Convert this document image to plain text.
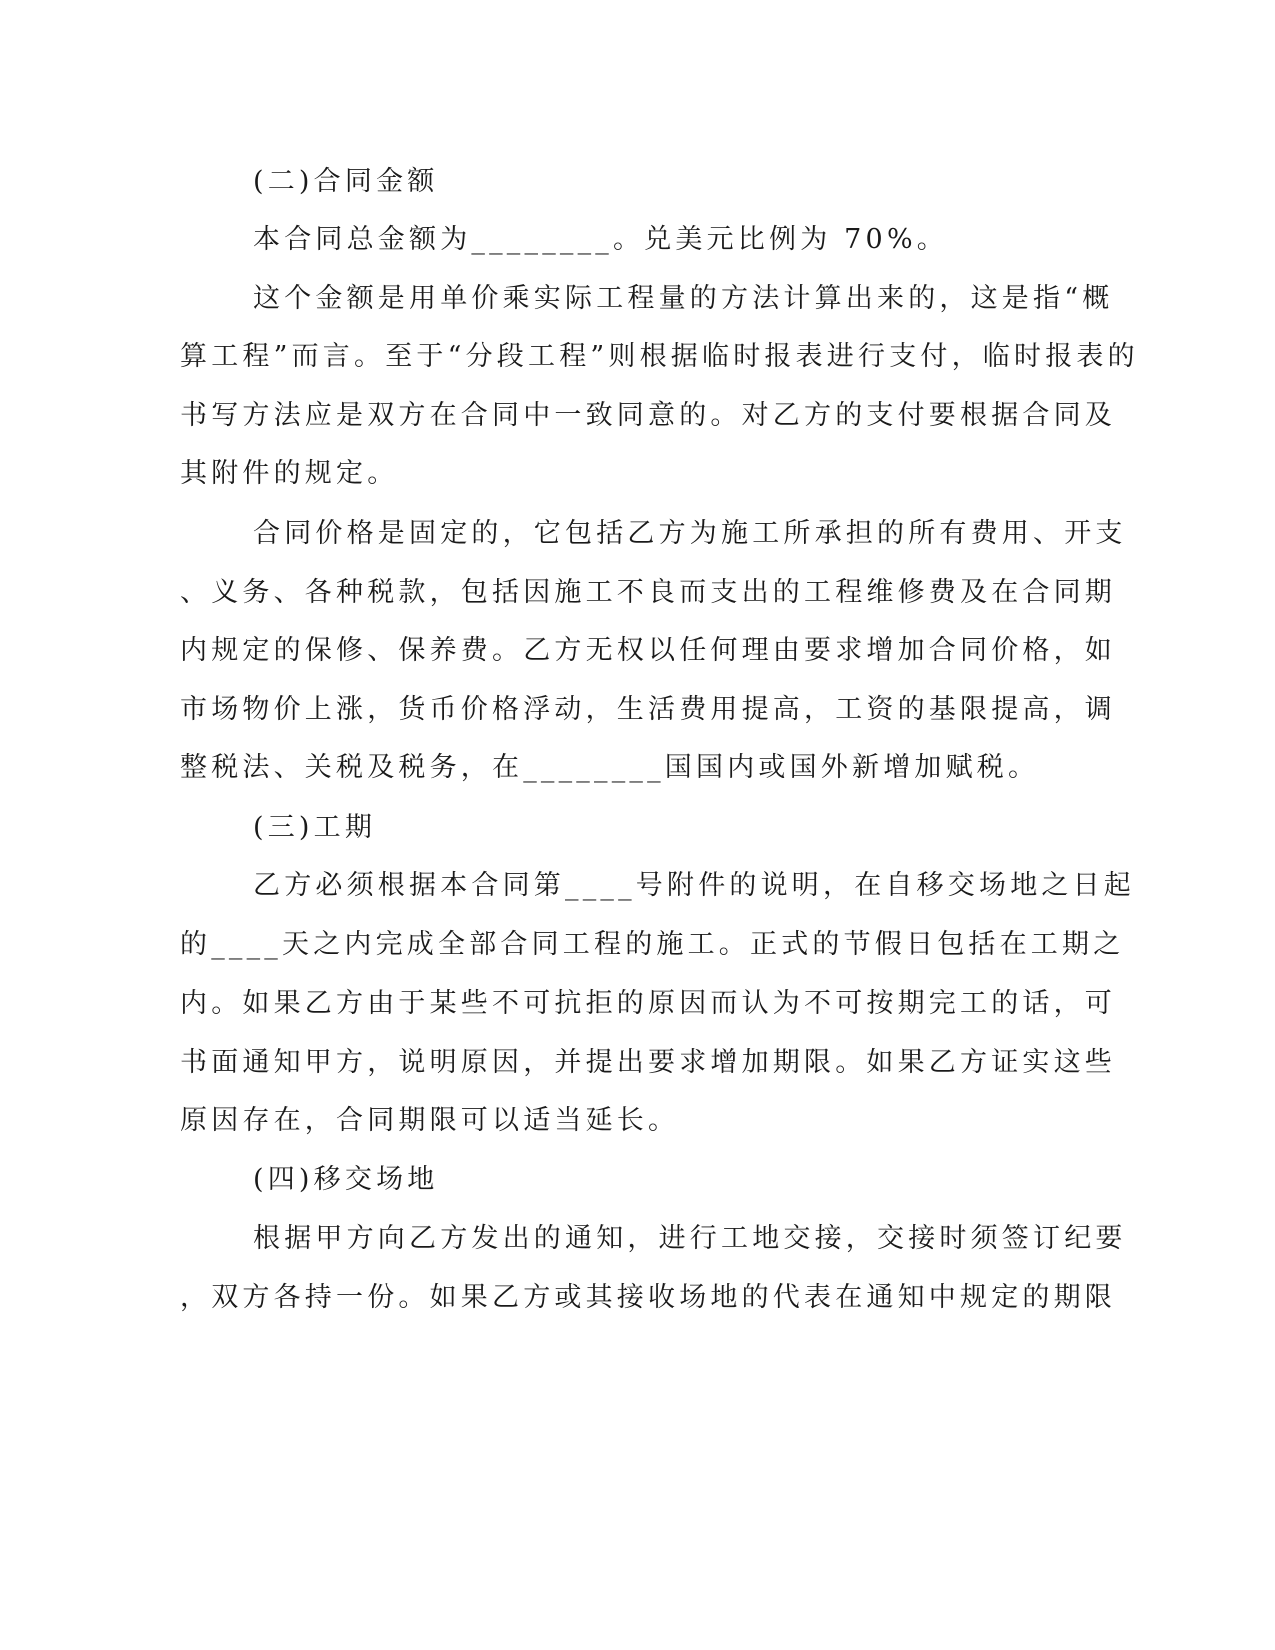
(二)合同金额
本合同总金额为________。兑美元比例为 70%。
这个金额是用单价乘实际工程量的方法计算出来的，这是指“概
算工程”而言。至于“分段工程”则根据临时报表进行支付，临时报表的
书写方法应是双方在合同中一致同意的。对乙方的支付要根据合同及
其附件的规定。
合同价格是固定的，它包括乙方为施工所承担的所有费用、开支
、义务、各种税款，包括因施工不良而支出的工程维修费及在合同期
内规定的保修、保养费。乙方无权以任何理由要求增加合同价格，如
市场物价上涨，货币价格浮动，生活费用提高，工资的基限提高，调
整税法、关税及税务，在________国国内或国外新增加赋税。
(三)工期
乙方必须根据本合同第____号附件的说明，在自移交场地之日起
的____天之内完成全部合同工程的施工。正式的节假日包括在工期之
内。如果乙方由于某些不可抗拒的原因而认为不可按期完工的话，可
书面通知甲方，说明原因，并提出要求增加期限。如果乙方证实这些
原因存在，合同期限可以适当延长。
(四)移交场地
根据甲方向乙方发出的通知，进行工地交接，交接时须签订纪要
，双方各持一份。如果乙方或其接收场地的代表在通知中规定的期限
